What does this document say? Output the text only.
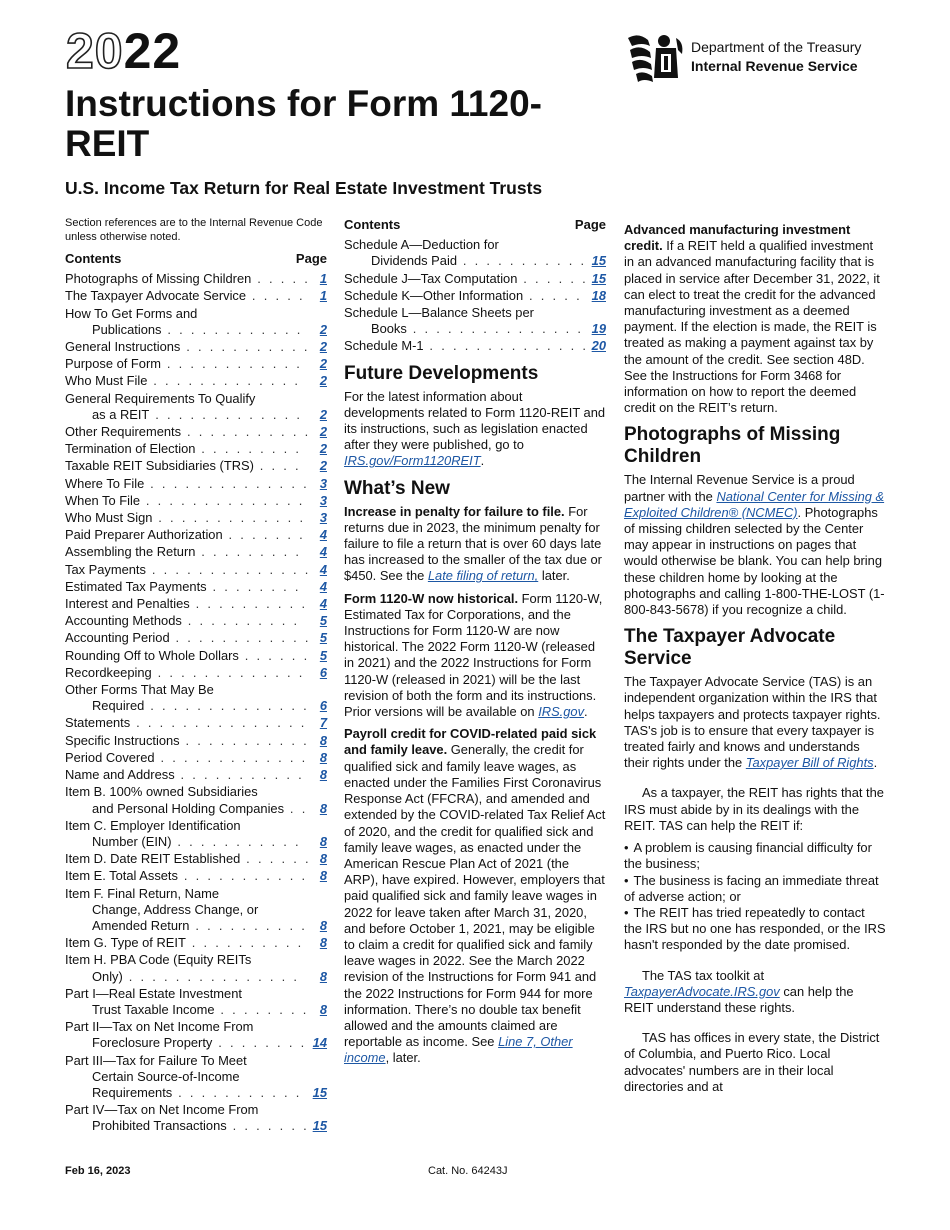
2022
Instructions for Form 1120-REIT
U.S. Income Tax Return for Real Estate Investment Trusts
Department of the Treasury
Internal Revenue Service
Section references are to the Internal Revenue Code unless otherwise noted.
Contents	Page
Photographs of Missing Children . . . . . 1
The Taxpayer Advocate Service . . . . .	1
How To Get Forms and
Publications . . . . . . . . . . . .	2
General Instructions . . . . . . . . . . . 2
Purpose of Form . . . . . . . . . . . .	2
Who Must File . . . . . . . . . . . . .	2
General Requirements To Qualify
as a REIT . . . . . . . . . . . . .	2
Other Requirements . . . . . . . . . . . 2
Termination of Election . . . . . . . . .	2
Taxable REIT Subsidiaries (TRS) . . . .	2
Where To File . . . . . . . . . . . . . . 3
When To File . . . . . . . . . . . . . .	3
Who Must Sign . . . . . . . . . . . . .	3
Paid Preparer Authorization . . . . . . .	4
Assembling the Return . . . . . . . . .	4
Tax Payments . . . . . . . . . . . . . . 4
Estimated Tax Payments . . . . . . . .	4
Interest and Penalties . . . . . . . . . . 4
Accounting Methods . . . . . . . . . .	5
Accounting Period . . . . . . . . . . . . 5
Rounding Off to Whole Dollars . . . . . . 5
Recordkeeping . . . . . . . . . . . . .	6
Other Forms That May Be
Required . . . . . . . . . . . . . . 6
Statements . . . . . . . . . . . . . . .	7
Specific Instructions . . . . . . . . . . . 8
Period Covered . . . . . . . . . . . . . 8
Name and Address . . . . . . . . . . .	8
Item B. 100% owned Subsidiaries
and Personal Holding Companies . . 8
Item C. Employer Identification
Number (EIN) . . . . . . . . . . .	8
Item D. Date REIT Established . . . . . . 8
Item E. Total Assets . . . . . . . . . . . 8
Item F. Final Return, Name
Change, Address Change, or Amended Return . . . . . . . . . . 8
Item G. Type of REIT . . . . . . . . . .	8
Item H. PBA Code (Equity REITs
Only) . . . . . . . . . . . . . . .	8
Part I—Real Estate Investment
Trust Taxable Income . . . . . . . . 8
Part II—Tax on Net Income From
Foreclosure Property . . . . . . . . 14
Part III—Tax for Failure To Meet
Certain Source-of-Income Requirements . . . . . . . . . . . 15
Part IV—Tax on Net Income From
Prohibited Transactions . . . . . . . 15
Contents	Page
Schedule A—Deduction for
Dividends Paid . . . . . . . . . . . 15
Schedule J—Tax Computation . . . . . . 15
Schedule K—Other Information . . . . . 18
Schedule L—Balance Sheets per
Books . . . . . . . . . . . . . . . 19
Schedule M-1 . . . . . . . . . . . . . . 20
Future Developments

For the latest information about developments related to Form 1120-REIT and its instructions, such as legislation enacted after they were published, go to IRS.gov/Form1120REIT.

What’s New

Increase in penalty for failure to file. For returns due in 2023, the minimum penalty for failure to file a return that is over 60 days late has increased to the smaller of the tax due or $450. See the Late filing of return, later.

Form 1120-W now historical. Form 1120-W, Estimated Tax for Corporations, and the Instructions for Form 1120-W are now historical. The 2022 Form 1120-W (released in 2021) and the 2022 Instructions for Form 1120-W (released in 2021) will be the last revision of both the form and its instructions. Prior versions will be available on IRS.gov.

Payroll credit for COVID-related paid sick and family leave. Generally, the credit for qualified sick and family leave wages, as enacted under the Families First Coronavirus Response Act (FFCRA), and amended and extended by the COVID-related Tax Relief Act of 2020, and the credit for qualified sick and family leave wages, as enacted under the American Rescue Plan Act of 2021 (the ARP), have expired. However, employers that paid qualified sick and family leave wages in 2022 for leave taken after March 31, 2020, and before October 1, 2021, may be eligible to claim a credit for qualified sick and family leave wages in 2022. See the March 2022 revision of the Instructions for Form 941 and the 2022 Instructions for Form 944 for more information. There’s no double tax benefit allowed and the amounts claimed are reportable as income. See Line 7, Other income, later.

Advanced manufacturing investment credit. If a REIT held a qualified investment in an advanced manufacturing facility that is placed in service after December 31, 2022, it can elect to treat the credit for the advanced manufacturing investment as a deemed payment. If the election is made, the REIT is treated as making a payment against tax by the amount of the credit. See section 48D. See the Instructions for Form 3468 for information on how to report the deemed credit on the REIT’s return.

Photographs of Missing Children

The Internal Revenue Service is a proud partner with the National Center for Missing & Exploited Children® (NCMEC). Photographs of missing children selected by the Center may appear in instructions on pages that would otherwise be blank. You can help bring these children home by looking at the photographs and calling 1-800-THE-LOST (1-800-843-5678) if you recognize a child.

The Taxpayer Advocate Service

The Taxpayer Advocate Service (TAS) is an independent organization within the IRS that helps taxpayers and protects taxpayer rights. TAS's job is to ensure that every taxpayer is treated fairly and knows and understands their rights under the Taxpayer Bill of Rights.

As a taxpayer, the REIT has rights that the IRS must abide by in its dealings with the REIT. TAS can help the REIT if:

• A problem is causing financial difficulty for the business;
• The business is facing an immediate threat of adverse action; or
• The REIT has tried repeatedly to contact the IRS but no one has responded, or the IRS hasn't responded by the date promised.

The TAS tax toolkit at TaxpayerAdvocate.IRS.gov can help the REIT understand these rights.

TAS has offices in every state, the District of Columbia, and Puerto Rico. Local advocates' numbers are in their local directories and at

Feb 16, 2023	Cat. No. 64243J
